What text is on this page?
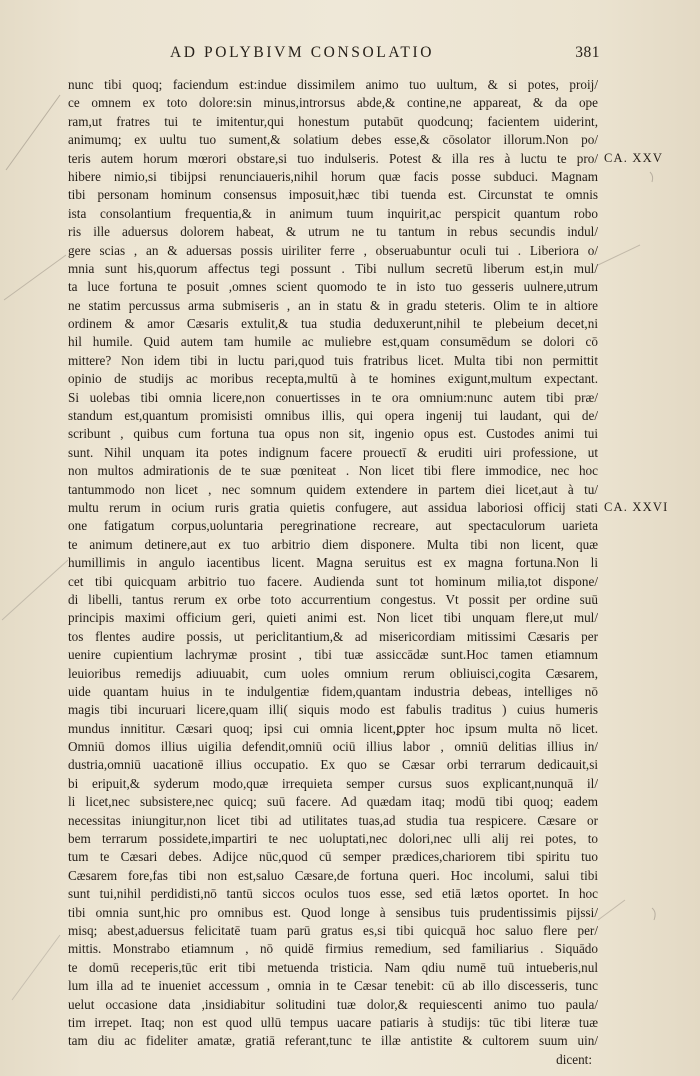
AD POLYBIVM CONSOLATIO	381
nunc tibi quoq; faciendum est:indue dissimilem animo tuo uultum, & si potes, proij/
ce omnem ex toto dolore:sin minus,introrsus abde,& contine,ne appareat, & da ope
ram,ut fratres tui te imitentur,qui honestum putabūt quodcunq; facientem uiderint,
animumq; ex uultu tuo sument,& solatium debes esse,& cōsolator illorum.Non po/
teris autem horum mœrori obstare,si tuo indulseris. Potest & illa res à luctu te pro/
hibere nimio,si tibijpsi renunciaueris,nihil horum quæ facis posse subduci. Magnam
tibi personam hominum consensus imposuit,hæc tibi tuenda est. Circunstat te omnis
ista consolantium frequentia,& in animum tuum inquirit,ac perspicit quantum robo
ris ille aduersus dolorem habeat, & utrum ne tu tantum in rebus secundis indul/
gere scias , an & aduersas possis uiriliter ferre , obseruabuntur oculi tui . Liberiora o/
mnia sunt his,quorum affectus tegi possunt . Tibi nullum secretū liberum est,in mul/
ta luce fortuna te posuit ,omnes scient quomodo te in isto tuo gesseris uulnere,utrum
ne statim percussus arma submiseris , an in statu & in gradu steteris. Olim te in altiore
ordinem & amor Cæsaris extulit,& tua studia deduxerunt,nihil te plebeium decet,ni
hil humile. Quid autem tam humile ac muliebre est,quam consumēdum se dolori cō
mittere? Non idem tibi in luctu pari,quod tuis fratribus licet. Multa tibi non permittit
opinio de studijs ac moribus recepta,multū à te homines exigunt,multum expectant.
Si uolebas tibi omnia licere,non conuertisses in te ora omnium:nunc autem tibi præ/
standum est,quantum promisisti omnibus illis, qui opera ingenij tui laudant, qui de/
scribunt , quibus cum fortuna tua opus non sit, ingenio opus est. Custodes animi tui
sunt. Nihil unquam ita potes indignum facere prouectī & eruditi uiri professione, ut
non multos admirationis de te suæ pœniteat . Non licet tibi flere immodice, nec hoc
tantummodo non licet , nec somnum quidem extendere in partem diei licet,aut à tu/
multu rerum in ocium ruris gratia quietis confugere, aut assidua laboriosi officij stati
one fatigatum corpus,uoluntaria peregrinatione recreare, aut spectaculorum uarieta
te animum detinere,aut ex tuo arbitrio diem disponere. Multa tibi non licent, quæ
humillimis in angulo iacentibus licent. Magna seruitus est ex magna fortuna.Non li
cet tibi quicquam arbitrio tuo facere. Audienda sunt tot hominum milia,tot dispone/
di libelli, tantus rerum ex orbe toto accurrentium congestus. Vt possit per ordine suū
principis maximi officium geri, quieti animi est. Non licet tibi unquam flere,ut mul/
tos flentes audire possis, ut periclitantium,& ad misericordiam mitissimi Cæsaris per
uenire cupientium lachrymæ prosint , tibi tuæ assiccādæ sunt.Hoc tamen etiamnum
leuioribus remedijs adiuuabit, cum uoles omnium rerum obliuisci,cogita Cæsarem,
uide quantam huius in te indulgentiæ fidem,quantam industria debeas, intelliges nō
magis tibi incuruari licere,quam illi( siquis modo est fabulis traditus ) cuius humeris
mundus innititur. Cæsari quoq; ipsi cui omnia licent,ꝑpter hoc ipsum multa nō licet.
Omniū domos illius uigilia defendit,omniū ociū illius labor , omniū delitias illius in/
dustria,omniū uacationē illius occupatio. Ex quo se Cæsar orbi terrarum dedicauit,si
bi eripuit,& syderum modo,quæ irrequieta semper cursus suos explicant,nunquā il/
li licet,nec subsistere,nec quicq; suū facere. Ad quædam itaq; modū tibi quoq; eadem
necessitas iniungitur,non licet tibi ad utilitates tuas,ad studia tua respicere. Cæsare or
bem terrarum possidete,impartiri te nec uoluptati,nec dolori,nec ulli alij rei potes, to
tum te Cæsari debes. Adijce nūc,quod cū semper prædices,chariorem tibi spiritu tuo
Cæsarem fore,fas tibi non est,saluo Cæsare,de fortuna queri. Hoc incolumi, salui tibi
sunt tui,nihil perdidisti,nō tantū siccos oculos tuos esse, sed etiā lætos oportet. In hoc
tibi omnia sunt,hic pro omnibus est. Quod longe à sensibus tuis prudentissimis pijssi/
misq; abest,aduersus felicitatē tuam parū gratus es,si tibi quicquā hoc saluo flere per/
mittis. Monstrabo etiamnum , nō quidē firmius remedium, sed familiarius . Siquādo
te domū receperis,tūc erit tibi metuenda tristicia. Nam qdiu numē tuū intueberis,nul
lum illa ad te inueniet accessum , omnia in te Cæsar tenebit: cū ab illo discesseris, tunc
uelut occasione data ,insidiabitur solitudini tuæ dolor,& requiescenti animo tuo paula/
tim irrepet. Itaq; non est quod ullū tempus uacare patiaris à studijs: tūc tibi literæ tuæ
tam diu ac fideliter amatæ, gratiā referant,tunc te illæ antistite & cultorem suum uin/
dicent:
CA. XXV
CA. XXVI
